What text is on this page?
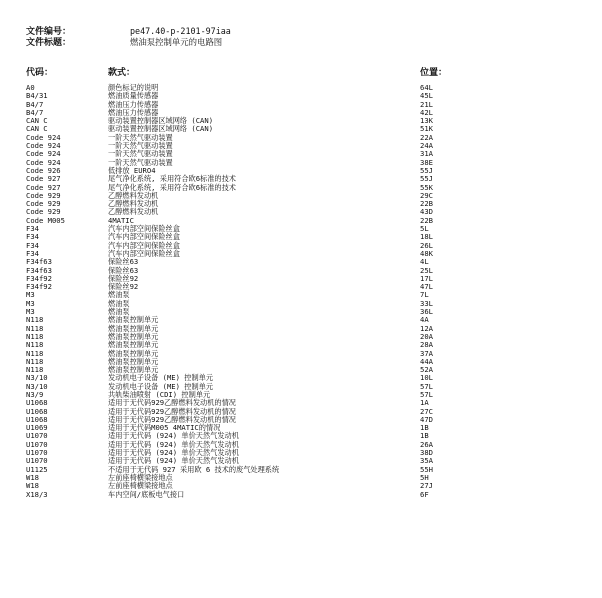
文件编号：	pe47.40-p-2101-97iaa
文件标题：	燃油泵控制单元的电路图
代码：	款式：	位置：
A0	颜色标记的说明	64L
B4/31	燃油质量传感器	45L
B4/7	燃油压力传感器	21L
B4/7	燃油压力传感器	42L
CAN C	驱动装置控制器区域网络 (CAN)	13K
CAN C	驱动装置控制器区域网络 (CAN)	51K
Code 924	一阶天然气驱动装置	22A
Code 924	一阶天然气驱动装置	24A
Code 924	一阶天然气驱动装置	31A
Code 924	一阶天然气驱动装置	38E
Code 926	低排放 EURO4	55J
Code 927	尾气净化系统, 采用符合欧6标准的技术	55J
Code 927	尾气净化系统, 采用符合欧6标准的技术	55K
Code 929	乙醇燃料发动机	29C
Code 929	乙醇燃料发动机	22B
Code 929	乙醇燃料发动机	43D
Code M005	4MATIC	22B
F34	汽车内部空间保险丝盒	5L
F34	汽车内部空间保险丝盒	18L
F34	汽车内部空间保险丝盒	26L
F34	汽车内部空间保险丝盒	48K
F34f63	保险丝63	4L
F34f63	保险丝63	25L
F34f92	保险丝92	17L
F34f92	保险丝92	47L
M3	燃油泵	7L
M3	燃油泵	33L
M3	燃油泵	36L
N118	燃油泵控制单元	4A
N118	燃油泵控制单元	12A
N118	燃油泵控制单元	20A
N118	燃油泵控制单元	28A
N118	燃油泵控制单元	37A
N118	燃油泵控制单元	44A
N118	燃油泵控制单元	52A
N3/10	发动机电子设备 (ME) 控制单元	10L
N3/10	发动机电子设备 (ME) 控制单元	57L
N3/9	共轨柴油喷射 (CDI) 控制单元	57L
U1068	适用于无代码929乙醇燃料发动机的情况	1A
U1068	适用于无代码929乙醇燃料发动机的情况	27C
U1068	适用于无代码929乙醇燃料发动机的情况	47D
U1069	适用于无代码M005 4MATIC的情况	1B
U1070	适用于无代码 (924) 单价天然气发动机	1B
U1070	适用于无代码 (924) 单价天然气发动机	26A
U1070	适用于无代码 (924) 单价天然气发动机	38D
U1070	适用于无代码 (924) 单价天然气发动机	35A
U1125	不适用于无代码 927 采用欧 6 技术的废气处理系统	55H
W18	左前座椅横梁接地点	5H
W18	左前座椅横梁接地点	27J
X18/3	车内空间/底板电气接口	6F
